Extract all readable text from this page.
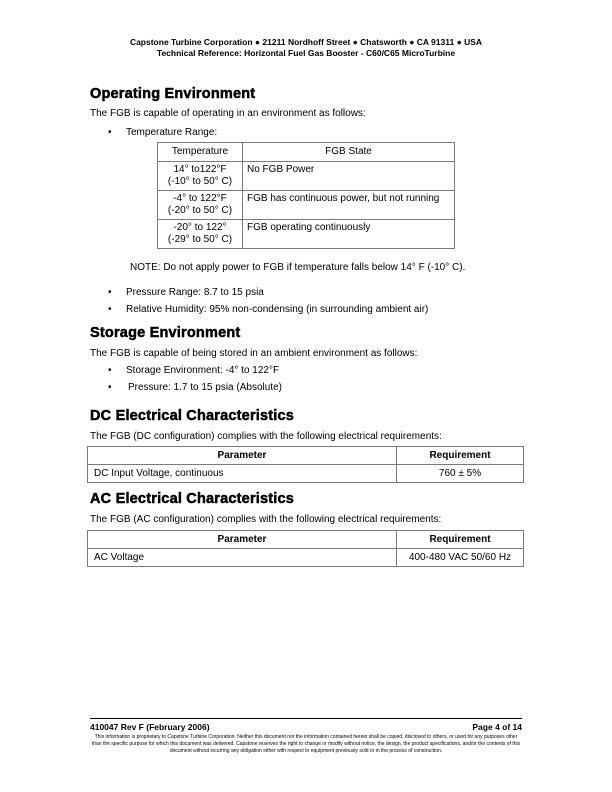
Capstone Turbine Corporation ● 21211 Nordhoff Street ● Chatsworth ● CA 91311 ● USA
Technical Reference: Horizontal Fuel Gas Booster - C60/C65 MicroTurbine
Operating Environment
The FGB is capable of operating in an environment as follows:
• Temperature Range:
Temperature	FGB State

14° to122°F
(-10° to 50° C)	No FGB Power

-4° to 122°F
(-20° to 50° C)	FGB has continuous power, but not running

-20° to 122°
(-29° to 50° C)	FGB operating continuously
NOTE: Do not apply power to FGB if temperature falls below 14° F (-10° C).
• Pressure Range: 8.7 to 15 psia
• Relative Humidity: 95% non-condensing (in surrounding ambient air)
Storage Environment
The FGB is capable of being stored in an ambient environment as follows:
• Storage Environment: -4° to 122°F
• Pressure: 1.7 to 15 psia (Absolute)
DC Electrical Characteristics
The FGB (DC configuration) complies with the following electrical requirements:
Parameter	Requirement
DC Input Voltage, continuous	760 ± 5%
AC Electrical Characteristics
The FGB (AC configuration) complies with the following electrical requirements:
Parameter	Requirement
AC Voltage	400-480 VAC 50/60 Hz
410047 Rev F (February 2006)	Page 4 of 14
This information is proprietary to Capstone Turbine Corporation. Neither this document nor the information contained herein shall be copied, disclosed to others, or used for any purposes other than the specific purpose for which this document was delivered. Capstone reserves the right to change or modify without notice, the design, the product specifications, and/or the contents of this document without incurring any obligation either with respect to equipment previously sold or in the process of construction.
